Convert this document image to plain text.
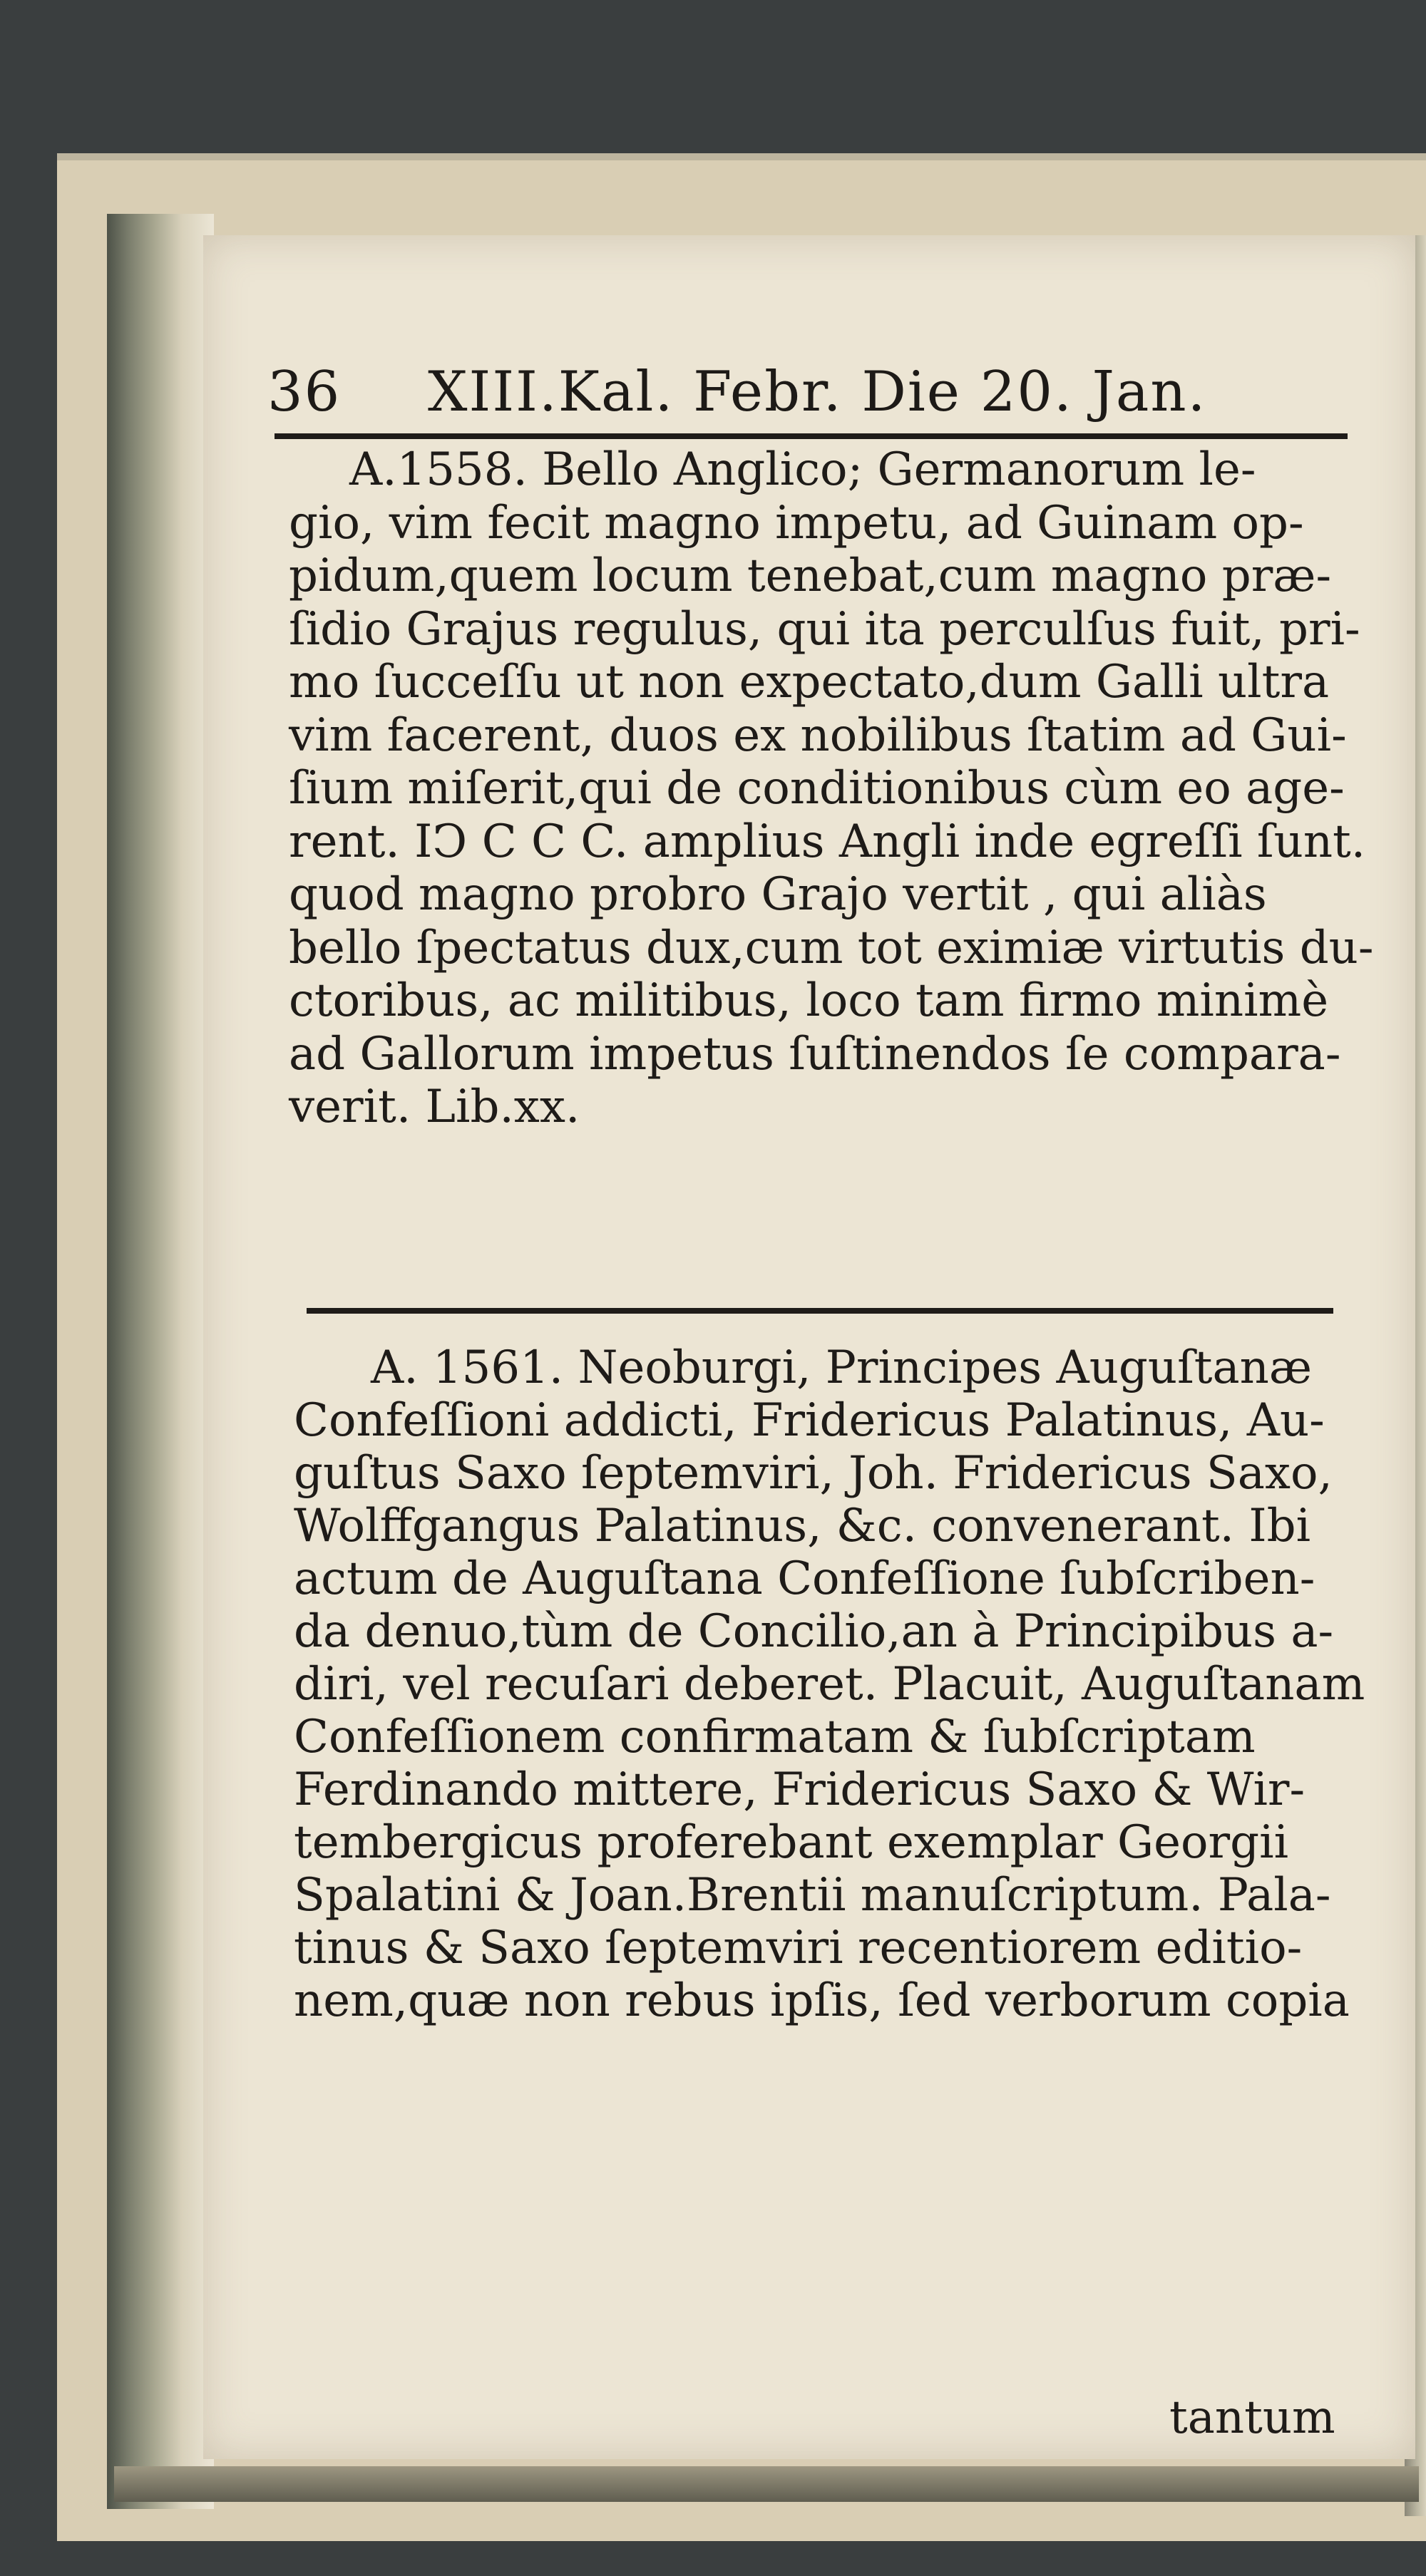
36 XIII.Kal. Febr. Die 20. Jan.
A.1558. Bello Anglico; Germanorum le-
gio, vim fecit magno impetu, ad Guinam op-
pidum,quem locum tenebat,cum magno præ-
ſidio Grajus regulus, qui ita perculſus fuit, pri-
mo ſucceſſu ut non expectato,dum Galli ultra
vim facerent, duos ex nobilibus ſtatim ad Gui-
ſium miſerit,qui de conditionibus cùm eo age-
rent. IↃ C C C. amplius Angli inde egreſſi ſunt.
quod magno probro Grajo vertit , qui aliàs
bello ſpectatus dux,cum tot eximiæ virtutis du-
ctoribus, ac militibus, loco tam firmo minimè
ad Gallorum impetus ſuſtinendos ſe compara-
verit. Lib.xx.
A. 1561. Neoburgi, Principes Auguſtanæ
Confeſſioni addicti, Fridericus Palatinus, Au-
guſtus Saxo ſeptemviri, Joh. Fridericus Saxo,
Wolffgangus Palatinus, &c. convenerant. Ibi
actum de Auguſtana Confeſſione ſubſcriben-
da denuo,tùm de Concilio,an à Principibus a-
diri, vel recuſari deberet. Placuit, Auguſtanam
Confeſſionem confirmatam & ſubſcriptam
Ferdinando mittere, Fridericus Saxo & Wir-
tembergicus proferebant exemplar Georgii
Spalatini & Joan.Brentii manuſcriptum. Pala-
tinus & Saxo ſeptemviri recentiorem editio-
nem,quæ non rebus ipſis, ſed verborum copia
tantum
